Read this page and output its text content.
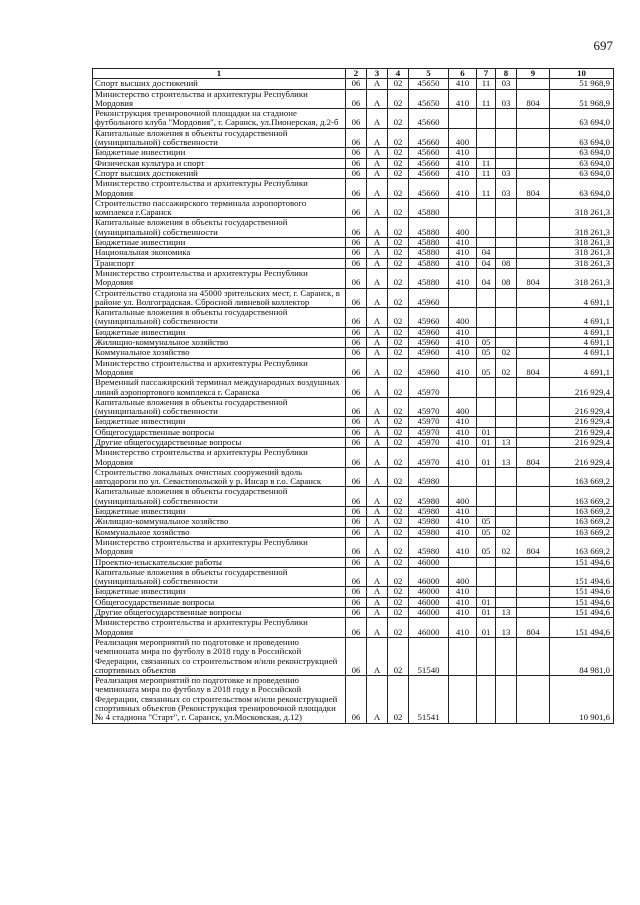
697
1	2	3	4	5	6	7	8	9	10
Спорт высших достижений	06	А	02	45650	410	11	03		51 968,9
Министерство строительства и архитектуры Республики Мордовия	06	А	02	45650	410	11	03	804	51 968,9
Реконструкция тренировочной площадки на стадионе футбольного клуба "Мордовия", г. Саранск, ул.Пионерская, д.2-б	06	А	02	45660					63 694,0
Капитальные вложения в объекты государственной (муниципальной) собственности	06	А	02	45660	400				63 694,0
Бюджетные инвестиции	06	А	02	45660	410				63 694,0
Физическая культура и спорт	06	А	02	45660	410	11			63 694,0
Спорт высших достижений	06	А	02	45660	410	11	03		63 694,0
Министерство строительства и архитектуры Республики Мордовия	06	А	02	45660	410	11	03	804	63 694,0
Строительство пассажирского терминала аэропортового комплекса г.Саранск	06	А	02	45880					318 261,3
Капитальные вложения в объекты государственной (муниципальной) собственности	06	А	02	45880	400				318 261,3
Бюджетные инвестиции	06	А	02	45880	410				318 261,3
Национальная экономика	06	А	02	45880	410	04			318 261,3
Транспорт	06	А	02	45880	410	04	08		318 261,3
Министерство строительства и архитектуры Республики Мордовия	06	А	02	45880	410	04	08	804	318 261,3
Строительство стадиона на 45000 зрительских мест, г. Саранск, в районе ул. Волгоградская. Сбросной ливневой коллектор	06	А	02	45960					4 691,1
Капитальные вложения в объекты государственной (муниципальной) собственности	06	А	02	45960	400				4 691,1
Бюджетные инвестиции	06	А	02	45960	410				4 691,1
Жилищно-коммунальное хозяйство	06	А	02	45960	410	05			4 691,1
Коммунальное хозяйство	06	А	02	45960	410	05	02		4 691,1
Министерство строительства и архитектуры Республики Мордовия	06	А	02	45960	410	05	02	804	4 691,1
Временный пассажирский терминал международных воздушных линий аэропортового комплекса г. Саранска	06	А	02	45970					216 929,4
Капитальные вложения в объекты государственной (муниципальной) собственности	06	А	02	45970	400				216 929,4
Бюджетные инвестиции	06	А	02	45970	410				216 929,4
Общегосударственные вопросы	06	А	02	45970	410	01			216 929,4
Другие общегосударственные вопросы	06	А	02	45970	410	01	13		216 929,4
Министерство строительства и архитектуры Республики Мордовия	06	А	02	45970	410	01	13	804	216 929,4
Строительство локальных очистных сооружений вдоль автодороги по ул. Севастопольской у р. Инсар в г.о. Саранск	06	А	02	45980					163 669,2
Капитальные вложения в объекты государственной (муниципальной) собственности	06	А	02	45980	400				163 669,2
Бюджетные инвестиции	06	А	02	45980	410				163 669,2
Жилищно-коммунальное хозяйство	06	А	02	45980	410	05			163 669,2
Коммунальное хозяйство	06	А	02	45980	410	05	02		163 669,2
Министерство строительства и архитектуры Республики Мордовия	06	А	02	45980	410	05	02	804	163 669,2
Проектно-изыскательские работы	06	А	02	46000					151 494,6
Капитальные вложения в объекты государственной (муниципальной) собственности	06	А	02	46000	400				151 494,6
Бюджетные инвестиции	06	А	02	46000	410				151 494,6
Общегосударственные вопросы	06	А	02	46000	410	01			151 494,6
Другие общегосударственные вопросы	06	А	02	46000	410	01	13		151 494,6
Министерство строительства и архитектуры Республики Мордовия	06	А	02	46000	410	01	13	804	151 494,6
Реализация мероприятий по подготовке и проведению чемпионата мира по футболу в 2018 году в Российской Федерации, связанных со строительством и/или реконструкцией спортивных объектов	06	А	02	51540					84 981,0
Реализация мероприятий по подготовке и проведению чемпионата мира по футболу в 2018 году в Российской Федерации, связанных со строительством и/или реконструкцией спортивных объектов (Реконструкция тренировочной площадки № 4 стадиона "Старт", г. Саранск, ул.Московская, д.12)	06	А	02	51541					10 901,6
